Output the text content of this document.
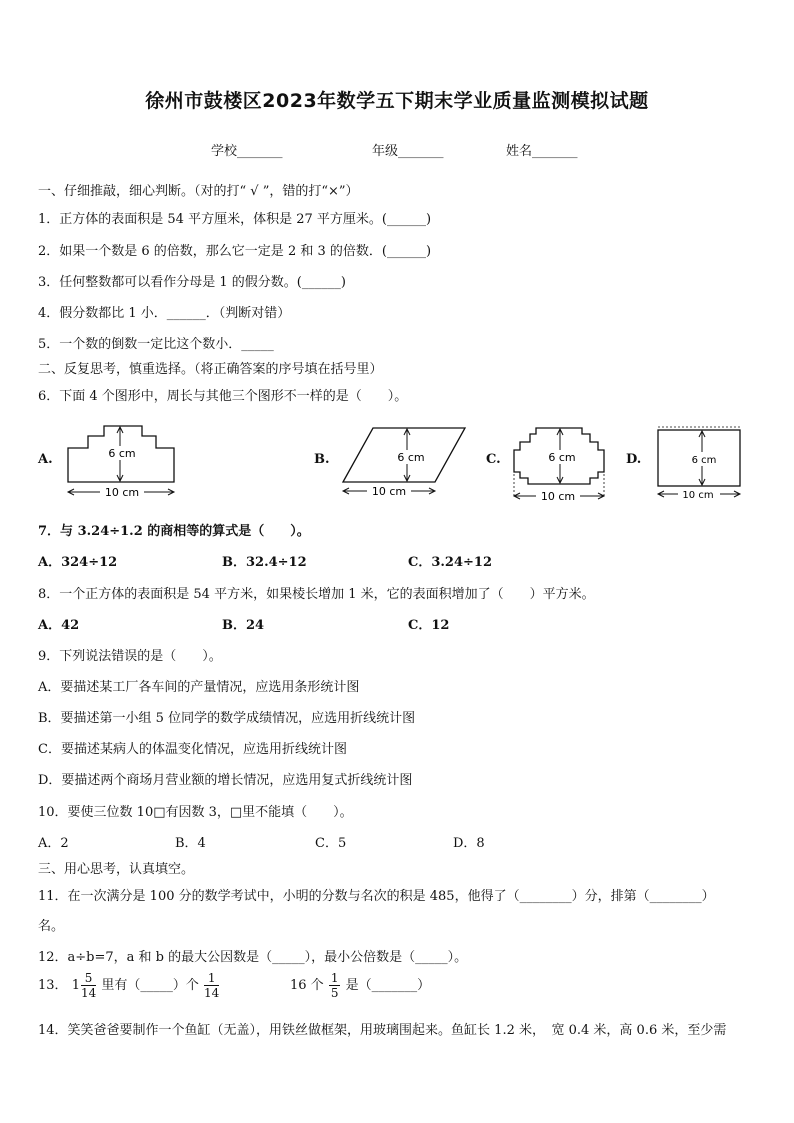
徐州市鼓楼区2023年数学五下期末学业质量监测模拟试题
学校_______	年级_______	姓名_______
一、仔细推敲，细心判断。（对的打“ √ ”，错的打“×”）
1．正方体的表面积是 54 平方厘米，体积是 27 平方厘米。(______)
2．如果一个数是 6 的倍数，那么它一定是 2 和 3 的倍数．(______)
3．任何整数都可以看作分母是 1 的假分数。(______)
4．假分数都比 1 小．______．（判断对错）
5．一个数的倒数一定比这个数小．_____
二、反复思考，慎重选择。（将正确答案的序号填在括号里）
6．下面 4 个图形中，周长与其他三个图形不一样的是（　　）。
A.	B.	C.	D.
6 cm
10 cm
6 cm
10 cm
6 cm
10 cm
6 cm
10 cm
7．与 3.24÷1.2 的商相等的算式是（　　）。
A．324÷12	B．32.4÷12	C．3.24÷12
8．一个正方体的表面积是 54 平方米，如果棱长增加 1 米，它的表面积增加了（　　）平方米。
A．42	B．24	C．12
9．下列说法错误的是（　　）。
A．要描述某工厂各车间的产量情况，应选用条形统计图
B．要描述第一小组 5 位同学的数学成绩情况，应选用折线统计图
C．要描述某病人的体温变化情况，应选用折线统计图
D．要描述两个商场月营业额的增长情况，应选用复式折线统计图
10．要使三位数 10□有因数 3，□里不能填（　　）。
A．2	B．4	C．5	D．8
三、用心思考，认真填空。
11．在一次满分是 100 分的数学考试中，小明的分数与名次的积是 485，他得了（________）分，排第（________）
名。
12．a÷b=7，a 和 b 的最大公因数是（_____），最小公倍数是（_____）。
13． $1 \frac{5}{14}$ 里有（_____）个 $\frac{1}{14}$	16 个 $\frac{1}{5}$ 是（_______）
14．笑笑爸爸要制作一个鱼缸（无盖），用铁丝做框架，用玻璃围起来。鱼缸长 1.2 米，　宽 0.4 米，高 0.6 米，至少需
